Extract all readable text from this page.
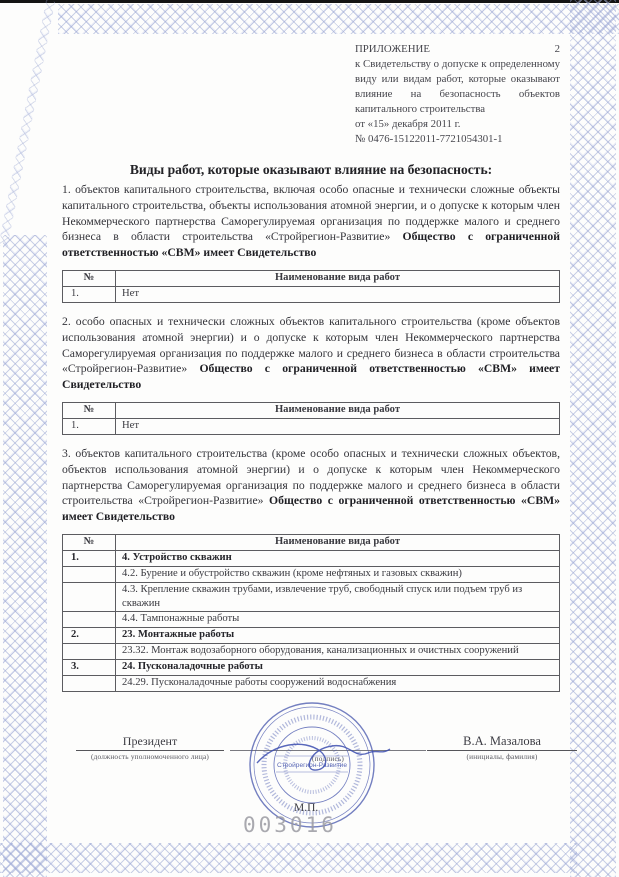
ПРИЛОЖЕНИЕ	2
к Свидетельству о допуске к определенному виду или видам работ, которые оказывают влияние на безопасность объектов капитального строительства
от «15» декабря 2011 г.
№ 0476-15122011-7721054301-1
Виды работ, которые оказывают влияние на безопасность:
1. объектов капитального строительства, включая особо опасные и технически сложные объекты капитального строительства, объекты использования атомной энергии, и о допуске к которым член Некоммерческого партнерства Саморегулируемая организация по поддержке малого и среднего бизнеса в области строительства «Стройрегион-Развитие» Общество с ограниченной ответственностью «СВМ» имеет Свидетельство
№	Наименование вида работ
1.	Нет
2. особо опасных и технически сложных объектов капитального строительства (кроме объектов использования атомной энергии) и о допуске к которым член Некоммерческого партнерства Саморегулируемая организация по поддержке малого и среднего бизнеса в области строительства «Стройрегион-Развитие» Общество с ограниченной ответственностью «СВМ» имеет Свидетельство
№	Наименование вида работ
1.	Нет
3. объектов капитального строительства (кроме особо опасных и технически сложных объектов, объектов использования атомной энергии) и о допуске к которым член Некоммерческого партнерства Саморегулируемая организация по поддержке малого и среднего бизнеса в области строительства «Стройрегион-Развитие» Общество с ограниченной ответственностью «СВМ» имеет Свидетельство
№	Наименование вида работ
1.	4. Устройство скважин
	4.2. Бурение и обустройство скважин (кроме нефтяных и газовых скважин)
	4.3. Крепление скважин трубами, извлечение труб, свободный спуск или подъем труб из скважин
	4.4. Тампонажные работы
2.	23. Монтажные работы
	23.32. Монтаж водозаборного оборудования, канализационных и очистных сооружений
3.	24. Пусконаладочные работы
	24.29. Пусконаладочные работы сооружений водоснабжения
Президент
(должность уполномоченного лица)	(подпись)
В.А. Мазалова
(инициалы, фамилия)
Стройрегион-Развитие
М.П.
003016
